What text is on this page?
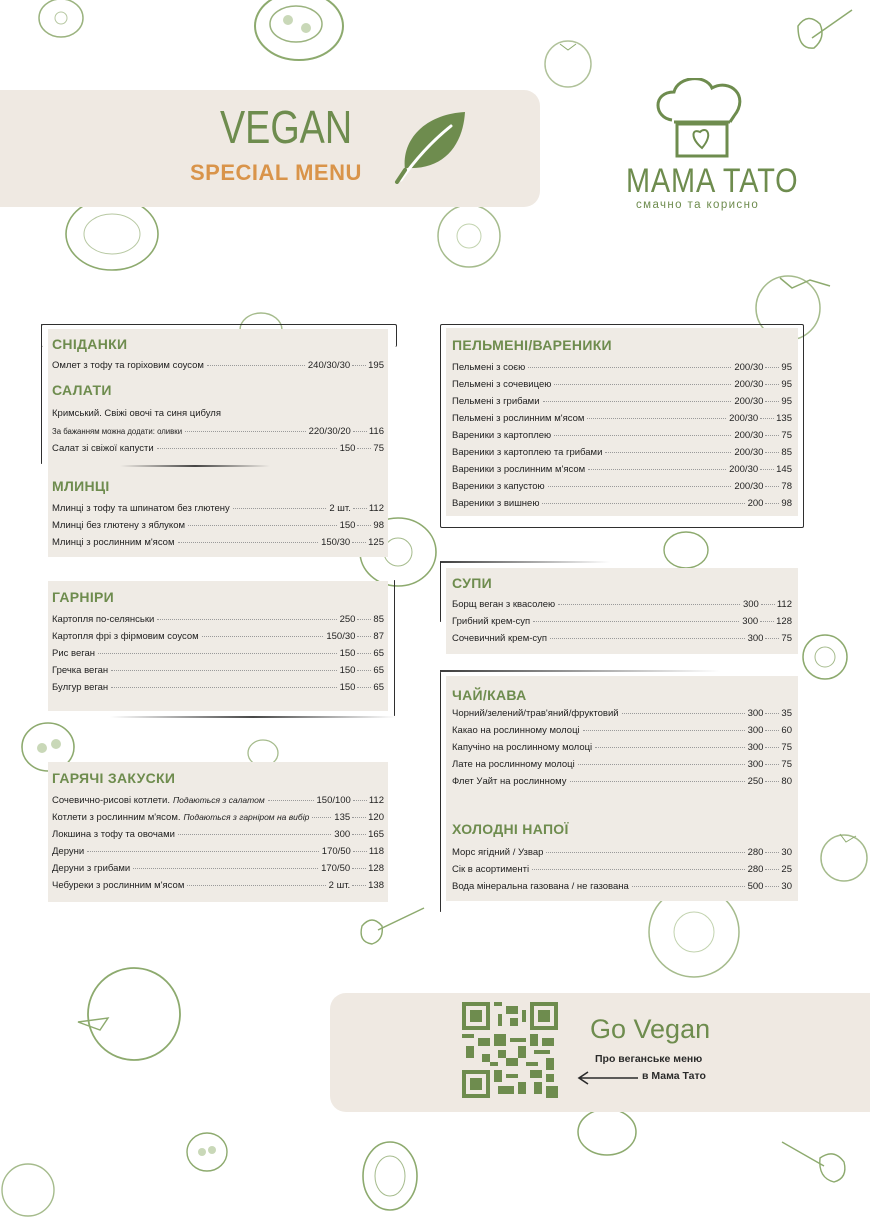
VEGAN
SPECIAL MENU	MAMA TATO
смачно та корисно
СНІДАНКИ
Омлет з тофу та горіховим соусом	240/30/30 195
САЛАТИ
Кримський. Свіжі овочі та синя цибуля
За бажанням можна додати: оливки	220/30/20 116
Салат зі свіжої капусти	150 75
МЛИНЦІ
Млинці з тофу та шпинатом без глютену	2 шт. 112
Млинці без глютену з яблуком	150 98
Млинці з рослинним м'ясом	150/30 125
ГАРНІРИ
Картопля по-селянськи	250 85
Картопля фрі з фірмовим соусом	150/30 87
Рис веган	150 65
Гречка веган	150 65
Булгур веган	150 65
ГАРЯЧІ ЗАКУСКИ
Сочевично-рисові котлети. Подаються з салатом	150/100 112
Котлети з рослинним м'ясом. Подаються з гарніром на вибір	135 120
Локшина з тофу та овочами	300 165
Деруни	170/50 118
Деруни з грибами	170/50 128
Чебуреки з рослинним м'ясом	2 шт. 138
ПЕЛЬМЕНІ/ВАРЕНИКИ
Пельмені з соєю	200/30 95
Пельмені з сочевицею	200/30 95
Пельмені з грибами	200/30 95
Пельмені з рослинним м'ясом	200/30 135
Вареники з картоплею	200/30 75
Вареники з картоплею та грибами	200/30 85
Вареники з рослинним м'ясом	200/30 145
Вареники з капустою	200/30 78
Вареники з вишнею	200 98
СУПИ
Борщ веган з квасолею	300 112
Грибний крем-суп	300 128
Сочевичний крем-суп	300 75
ЧАЙ/КАВА
Чорний/зелений/трав'яний/фруктовий	300 35
Какао на рослинному молоці	300 60
Капучіно на рослинному молоці	300 75
Лате на рослинному молоці	300 75
Флет Уайт на рослинному	250 80
ХОЛОДНІ НАПОЇ
Морс ягідний / Узвар	280 30
Сік в асортименті	280 25
Вода мінеральна газована / не газована	500 30
Go Vegan
Про веганське меню
в Мама Тато
